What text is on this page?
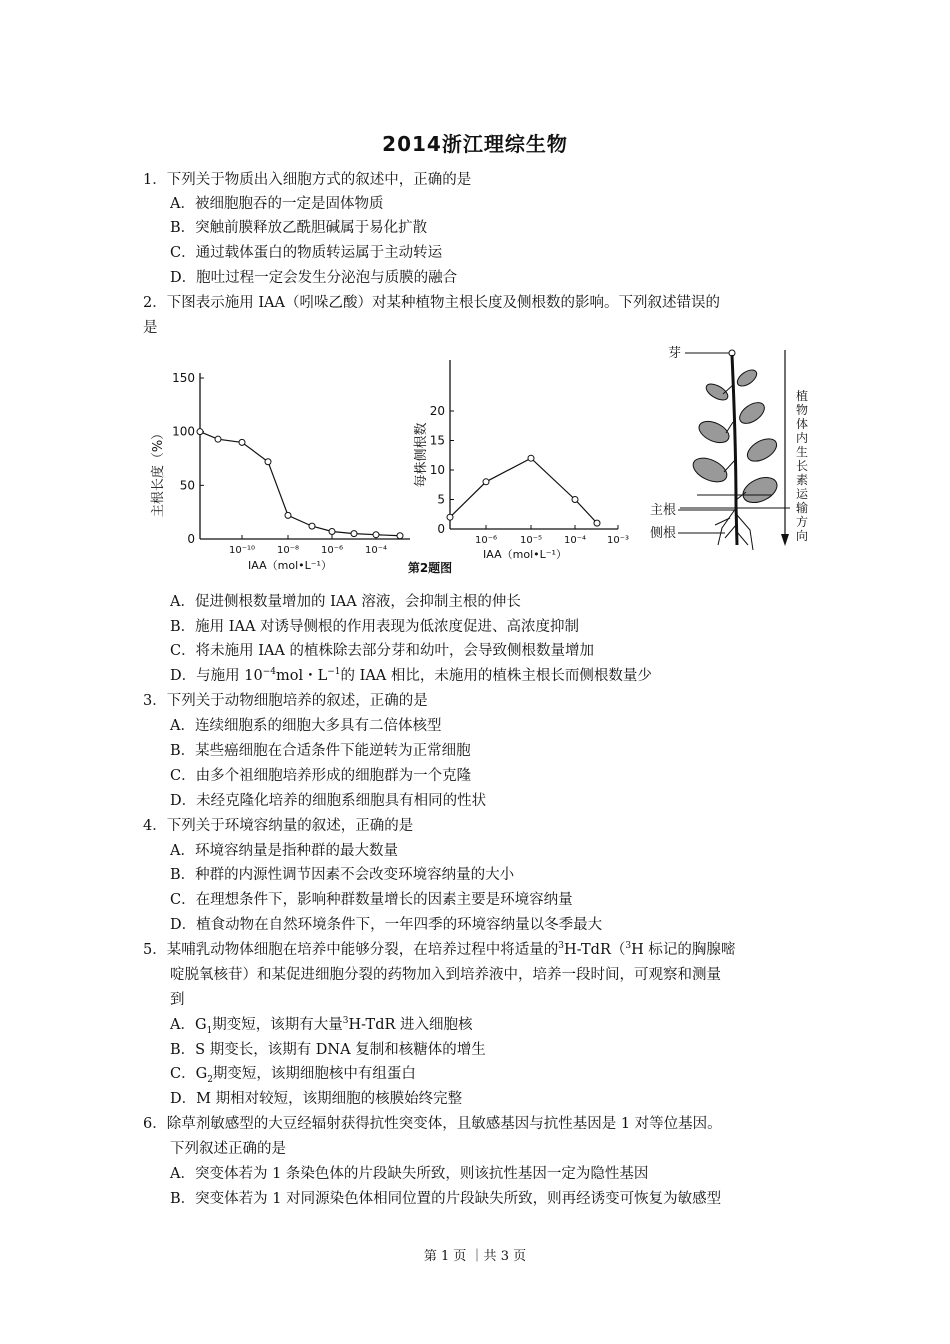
2014浙江理综生物
1．下列关于物质出入细胞方式的叙述中，正确的是
A．被细胞胞吞的一定是固体物质
B．突触前膜释放乙酰胆碱属于易化扩散
C．通过载体蛋白的物质转运属于主动转运
D．胞吐过程一定会发生分泌泡与质膜的融合
2．下图表示施用 IAA（吲哚乙酸）对某种植物主根长度及侧根数的影响。下列叙述错误的
是
主根长度（%）
0
50
100
150
10⁻¹⁰ 10⁻⁸ 10⁻⁶ 10⁻⁴
IAA（mol•L⁻¹）	第2题图
每株侧根数
0
5
10
15
20
10⁻⁶ 10⁻⁵ 10⁻⁴ 10⁻³
IAA（mol•L⁻¹）
芽
主根
侧根
植物体内生长素运输方向
A．促进侧根数量增加的 IAA 溶液，会抑制主根的伸长
B．施用 IAA 对诱导侧根的作用表现为低浓度促进、高浓度抑制
C．将未施用 IAA 的植株除去部分芽和幼叶，会导致侧根数量增加
D．与施用 $10^{-4}mol$・$L^{-1}$的 IAA 相比，未施用的植株主根长而侧根数量少
3．下列关于动物细胞培养的叙述，正确的是
A．连续细胞系的细胞大多具有二倍体核型
B．某些癌细胞在合适条件下能逆转为正常细胞
C．由多个祖细胞培养形成的细胞群为一个克隆
D．未经克隆化培养的细胞系细胞具有相同的性状
4．下列关于环境容纳量的叙述，正确的是
A．环境容纳量是指种群的最大数量
B．种群的内源性调节因素不会改变环境容纳量的大小
C．在理想条件下，影响种群数量增长的因素主要是环境容纳量
D．植食动物在自然环境条件下，一年四季的环境容纳量以冬季最大
5．某哺乳动物体细胞在培养中能够分裂，在培养过程中将适量的$^3$H-TdR（$^3$H 标记的胸腺嘧
啶脱氧核苷）和某促进细胞分裂的药物加入到培养液中，培养一段时间，可观察和测量
到
A．$G_1$期变短，该期有大量$^3$H-TdR 进入细胞核
B．S 期变长，该期有 DNA 复制和核糖体的增生
C．$G_2$期变短，该期细胞核中有组蛋白
D．M 期相对较短，该期细胞的核膜始终完整
6．除草剂敏感型的大豆经辐射获得抗性突变体，且敏感基因与抗性基因是 1 对等位基因。
下列叙述正确的是
A．突变体若为 1 条染色体的片段缺失所致，则该抗性基因一定为隐性基因
B．突变体若为 1 对同源染色体相同位置的片段缺失所致，则再经诱变可恢复为敏感型
第 1 页 ｜共 3 页
